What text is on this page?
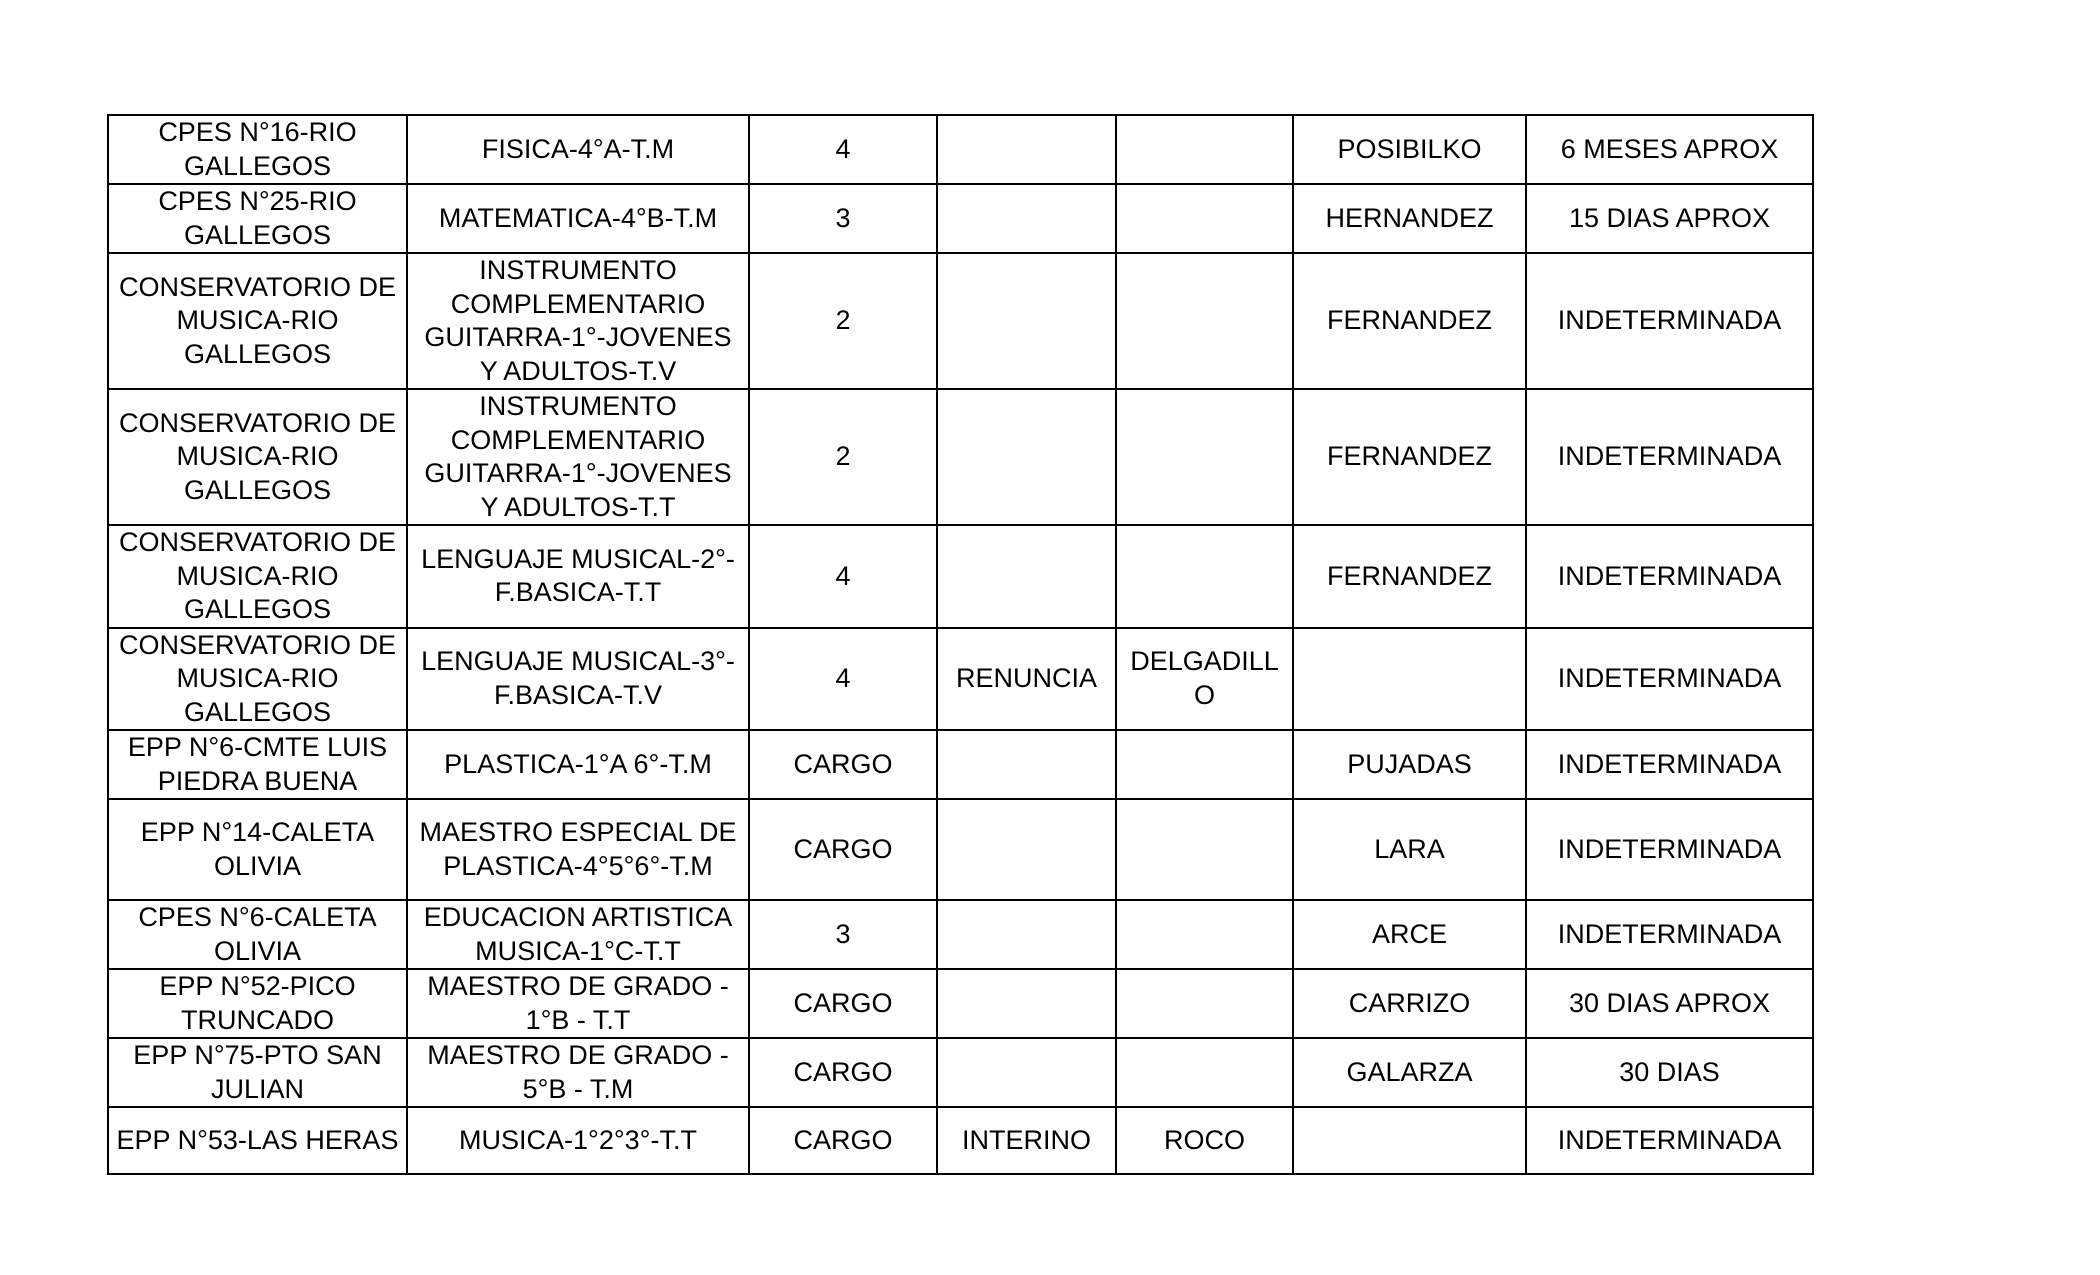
CPES N°16-RIO
GALLEGOS	FISICA-4°A-T.M	4			POSIBILKO	6 MESES APROX
CPES N°25-RIO
GALLEGOS	MATEMATICA-4°B-T.M	3			HERNANDEZ	15 DIAS APROX
CONSERVATORIO DE
MUSICA-RIO
GALLEGOS	INSTRUMENTO
COMPLEMENTARIO
GUITARRA-1°-JOVENES
Y ADULTOS-T.V	2			FERNANDEZ	INDETERMINADA
CONSERVATORIO DE
MUSICA-RIO
GALLEGOS	INSTRUMENTO
COMPLEMENTARIO
GUITARRA-1°-JOVENES
Y ADULTOS-T.T	2			FERNANDEZ	INDETERMINADA
CONSERVATORIO DE
MUSICA-RIO
GALLEGOS	LENGUAJE MUSICAL-2°-
F.BASICA-T.T	4			FERNANDEZ	INDETERMINADA
CONSERVATORIO DE
MUSICA-RIO
GALLEGOS	LENGUAJE MUSICAL-3°-
F.BASICA-T.V	4	RENUNCIA	DELGADILL
O		INDETERMINADA
EPP N°6-CMTE LUIS
PIEDRA BUENA	PLASTICA-1°A 6°-T.M	CARGO			PUJADAS	INDETERMINADA
EPP N°14-CALETA
OLIVIA	MAESTRO ESPECIAL DE
PLASTICA-4°5°6°-T.M	CARGO			LARA	INDETERMINADA
CPES N°6-CALETA
OLIVIA	EDUCACION ARTISTICA
MUSICA-1°C-T.T	3			ARCE	INDETERMINADA
EPP N°52-PICO
TRUNCADO	MAESTRO DE GRADO -
1°B - T.T	CARGO			CARRIZO	30 DIAS APROX
EPP N°75-PTO SAN
JULIAN	MAESTRO DE GRADO -
5°B - T.M	CARGO			GALARZA	30 DIAS
EPP N°53-LAS HERAS	MUSICA-1°2°3°-T.T	CARGO	INTERINO	ROCO		INDETERMINADA
